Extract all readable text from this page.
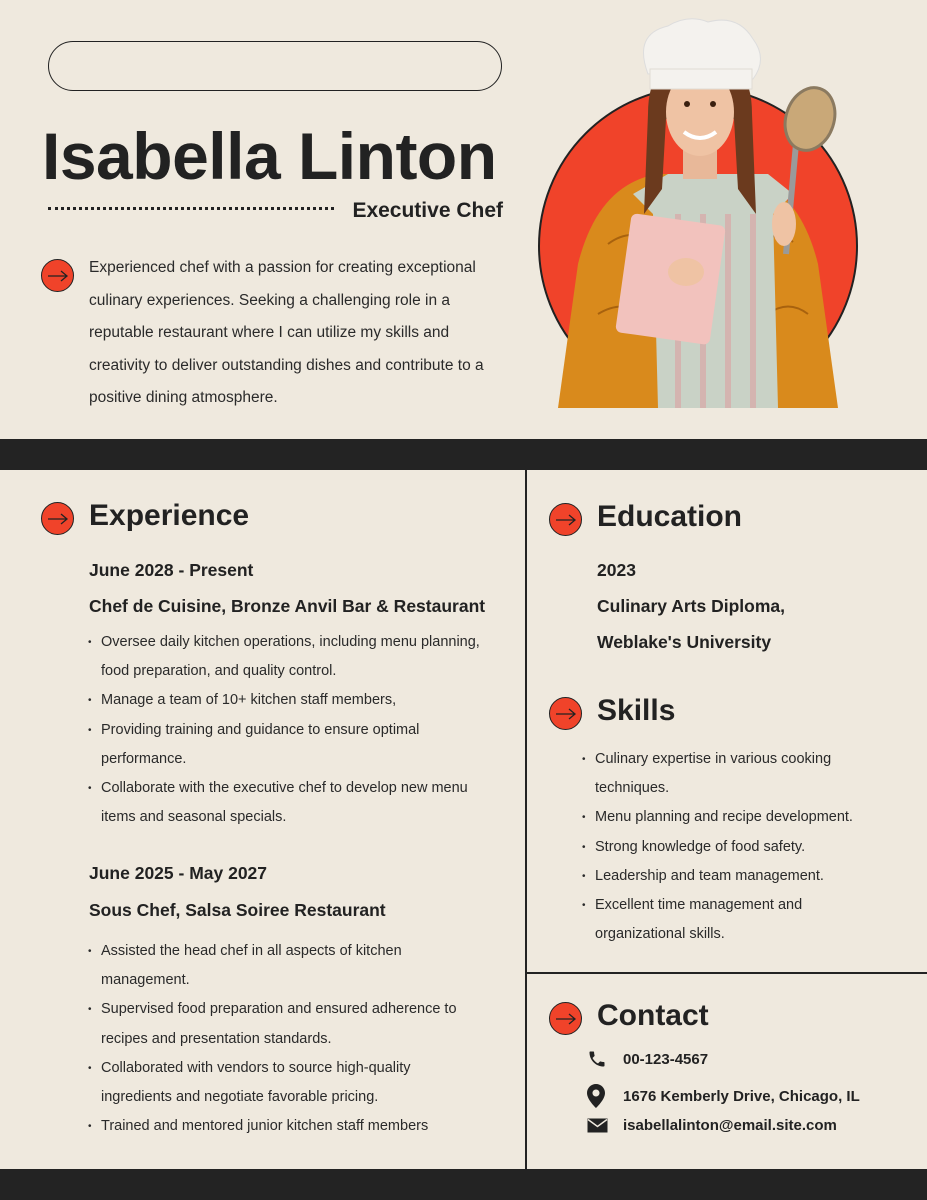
Isabella Linton
Executive Chef
Experienced chef with a passion for creating exceptional culinary experiences. Seeking a challenging role in a reputable restaurant where I can utilize my skills and creativity to deliver outstanding dishes and contribute to a positive dining atmosphere.
Experience
June 2028 - Present
Chef de Cuisine, Bronze Anvil Bar & Restaurant
• Oversee daily kitchen operations, including menu planning, food preparation, and quality control.
• Manage a team of 10+ kitchen staff members,
• Providing training and guidance to ensure optimal performance.
• Collaborate with the executive chef to develop new menu items and seasonal specials.
June 2025 - May 2027
Sous Chef, Salsa Soiree Restaurant
• Assisted the head chef in all aspects of kitchen management.
• Supervised food preparation and ensured adherence to recipes and presentation standards.
• Collaborated with vendors to source high-quality ingredients and negotiate favorable pricing.
• Trained and mentored junior kitchen staff members
Education
2023
Culinary Arts Diploma,
Weblake's University
Skills
• Culinary expertise in various cooking techniques.
• Menu planning and recipe development.
• Strong knowledge of food safety.
• Leadership and team management.
• Excellent time management and organizational skills.
Contact
00-123-4567
1676 Kemberly Drive, Chicago, IL
isabellalinton@email.site.com
